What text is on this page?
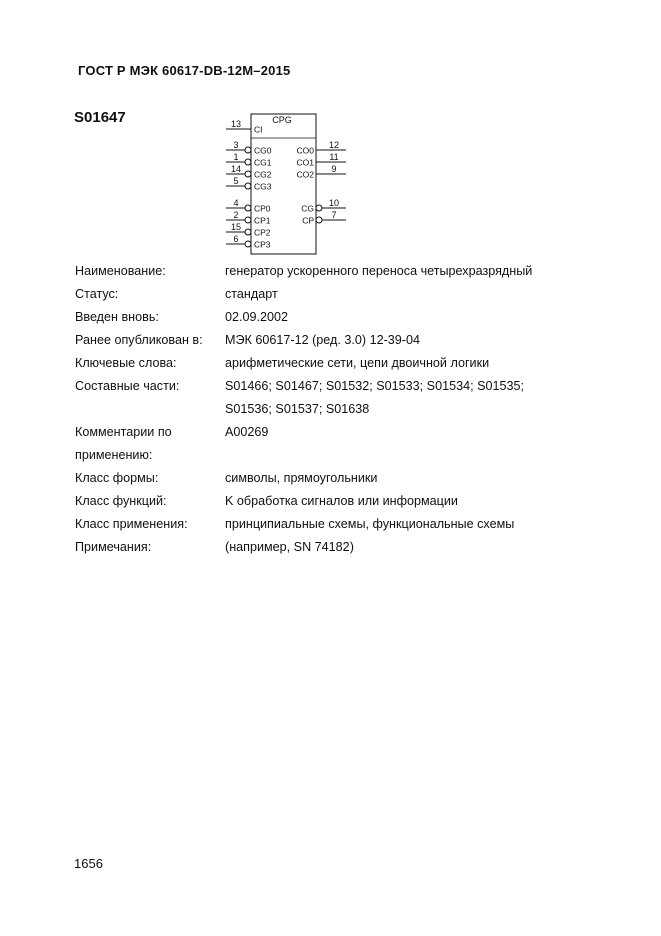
ГОСТ Р МЭК 60617-DB-12M–2015
S01647	CPG
13
CI
3
CG0
1
CG1
14
CG2
5
CG3
4
CP0
2
CP1
15
CP2
6
CP3
12
CO0
11
CO1
9
CO2
10
CG
7
CP
Наименование:	генератор ускоренного переноса четырехразрядный
Статус:	стандарт
Введен вновь:	02.09.2002
Ранее опубликован в:	МЭК 60617-12 (ред. 3.0) 12-39-04
Ключевые слова:	арифметические сети, цепи двоичной логики
Составные части:	S01466; S01467; S01532; S01533; S01534; S01535;
S01536; S01537; S01638
Комментарии по	A00269
применению:
Класс формы:	символы, прямоугольники
Класс функций:	K обработка сигналов или информации
Класс применения:	принципиальные схемы, функциональные схемы
Примечания:	(например, SN 74182)
1656
